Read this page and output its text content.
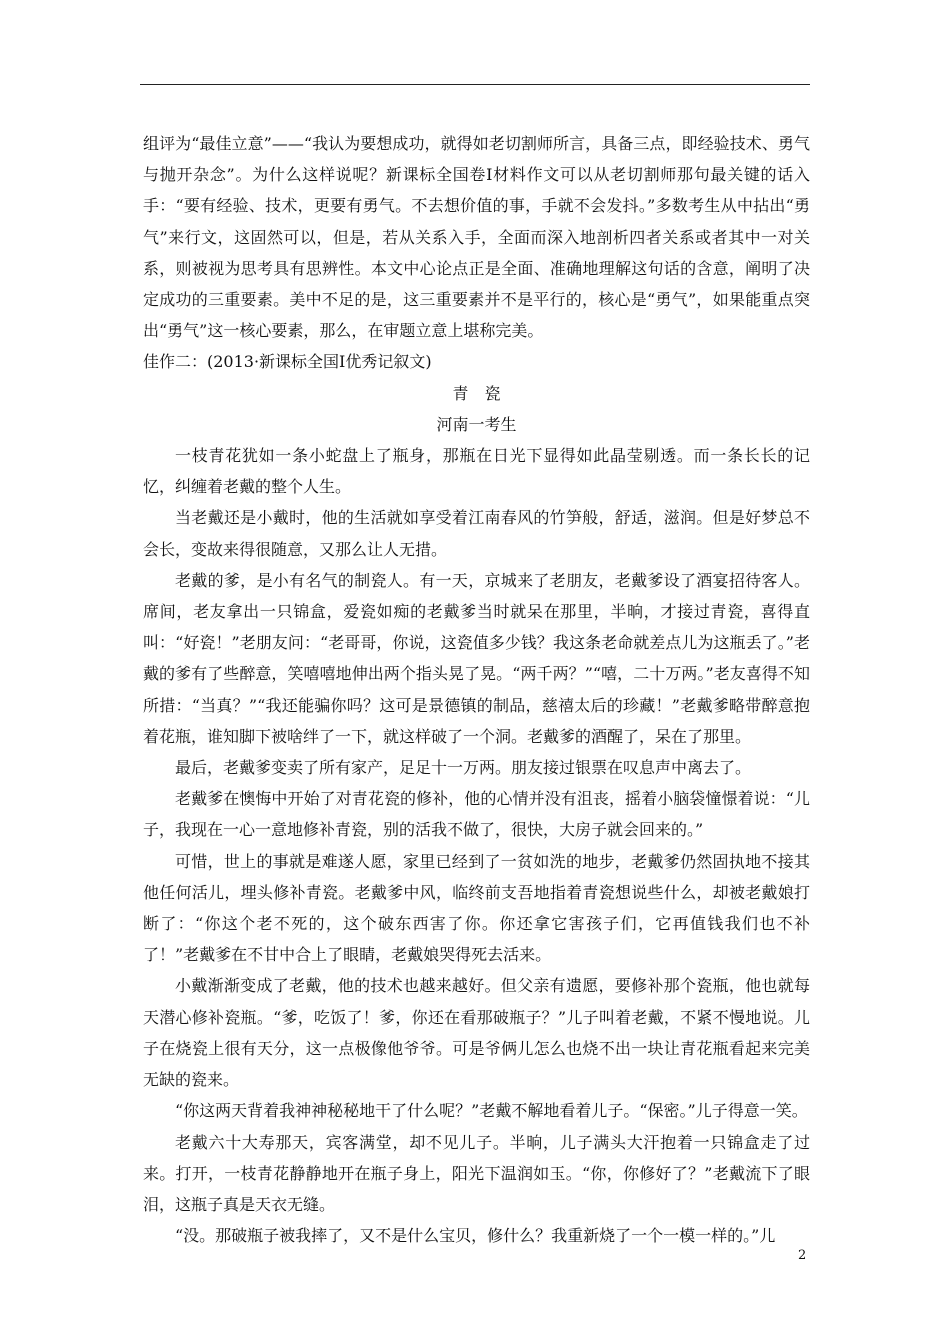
组评为“最佳立意”——“我认为要想成功，就得如老切割师所言，具备三点，即经验技术、勇气与抛开杂念”。为什么这样说呢？新课标全国卷Ⅰ材料作文可以从老切割师那句最关键的话入手：“要有经验、技术，更要有勇气。不去想价值的事，手就不会发抖。”多数考生从中拈出“勇气”来行文，这固然可以，但是，若从关系入手，全面而深入地剖析四者关系或者其中一对关系，则被视为思考具有思辨性。本文中心论点正是全面、准确地理解这句话的含意，阐明了决定成功的三重要素。美中不足的是，这三重要素并不是平行的，核心是“勇气”，如果能重点突出“勇气”这一核心要素，那么，在审题立意上堪称完美。

佳作二：(2013·新课标全国Ⅰ优秀记叙文)

青　瓷

河南一考生

一枝青花犹如一条小蛇盘上了瓶身，那瓶在日光下显得如此晶莹剔透。而一条长长的记忆，纠缠着老戴的整个人生。

当老戴还是小戴时，他的生活就如享受着江南春风的竹笋般，舒适，滋润。但是好梦总不会长，变故来得很随意，又那么让人无措。

老戴的爹，是小有名气的制瓷人。有一天，京城来了老朋友，老戴爹设了酒宴招待客人。席间，老友拿出一只锦盒，爱瓷如痴的老戴爹当时就呆在那里，半晌，才接过青瓷，喜得直叫：“好瓷！”老朋友问：“老哥哥，你说，这瓷值多少钱？我这条老命就差点儿为这瓶丢了。”老戴的爹有了些醉意，笑嘻嘻地伸出两个指头晃了晃。“两千两？”“嘻，二十万两。”老友喜得不知所措：“当真？”“我还能骗你吗？这可是景德镇的制品，慈禧太后的珍藏！”老戴爹略带醉意抱着花瓶，谁知脚下被啥绊了一下，就这样破了一个洞。老戴爹的酒醒了，呆在了那里。

最后，老戴爹变卖了所有家产，足足十一万两。朋友接过银票在叹息声中离去了。

老戴爹在懊悔中开始了对青花瓷的修补，他的心情并没有沮丧，摇着小脑袋憧憬着说：“儿子，我现在一心一意地修补青瓷，别的活我不做了，很快，大房子就会回来的。”

可惜，世上的事就是难遂人愿，家里已经到了一贫如洗的地步，老戴爹仍然固执地不接其他任何活儿，埋头修补青瓷。老戴爹中风，临终前支吾地指着青瓷想说些什么，却被老戴娘打断了：“你这个老不死的，这个破东西害了你。你还拿它害孩子们，它再值钱我们也不补了！”老戴爹在不甘中合上了眼睛，老戴娘哭得死去活来。

小戴渐渐变成了老戴，他的技术也越来越好。但父亲有遗愿，要修补那个瓷瓶，他也就每天潜心修补瓷瓶。“爹，吃饭了！爹，你还在看那破瓶子？”儿子叫着老戴，不紧不慢地说。儿子在烧瓷上很有天分，这一点极像他爷爷。可是爷俩儿怎么也烧不出一块让青花瓶看起来完美无缺的瓷来。

“你这两天背着我神神秘秘地干了什么呢？”老戴不解地看着儿子。“保密。”儿子得意一笑。

老戴六十大寿那天，宾客满堂，却不见儿子。半晌，儿子满头大汗抱着一只锦盒走了过来。打开，一枝青花静静地开在瓶子身上，阳光下温润如玉。“你，你修好了？”老戴流下了眼泪，这瓶子真是天衣无缝。

“没。那破瓶子被我摔了，又不是什么宝贝，修什么？我重新烧了一个一模一样的。”儿

2
